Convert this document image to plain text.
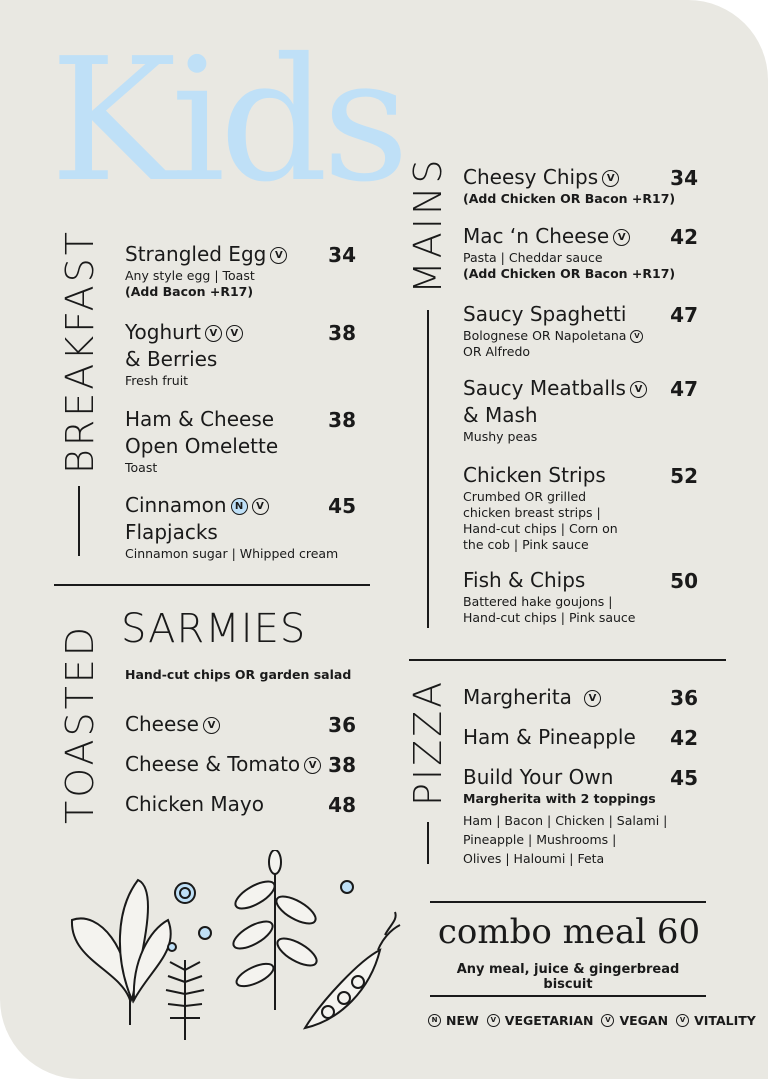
Kids
BREAKFAST Strangled Egg V
Any style egg | Toast
(Add Bacon +R17)
34
Yoghurt V V
& Berries
Fresh fruit
38
Ham & Cheese
Open Omelette
Toast
38
Cinnamon N V
Flapjacks
Cinnamon sugar | Whipped cream
45
TOASTED SARMIES
Hand-cut chips OR garden salad
Cheese V	36
Cheese & Tomato V 38
Chicken Mayo	48
MAINS Cheesy Chips V
(Add Chicken OR Bacon +R17)
34
Mac ‘n Cheese V
Pasta | Cheddar sauce
(Add Chicken OR Bacon +R17)
42
Saucy Spaghetti
Bolognese OR Napoletana V
OR Alfredo
47
Saucy Meatballs V
& Mash
Mushy peas
47
Chicken Strips
Crumbed OR grilled
chicken breast strips |
Hand-cut chips | Corn on
the cob | Pink sauce
52
Fish & Chips
Battered hake goujons |
Hand-cut chips | Pink sauce
50
PIZZA Margherita V	36
Ham & Pineapple	42
Build Your Own
Margherita with 2 toppings
Ham | Bacon | Chicken | Salami |
Pineapple | Mushrooms |
Olives | Haloumi | Feta
45
combo meal 60
Any meal, juice & gingerbread biscuit
N NEW	V VEGETARIAN	V VEGAN	V VITALITY
